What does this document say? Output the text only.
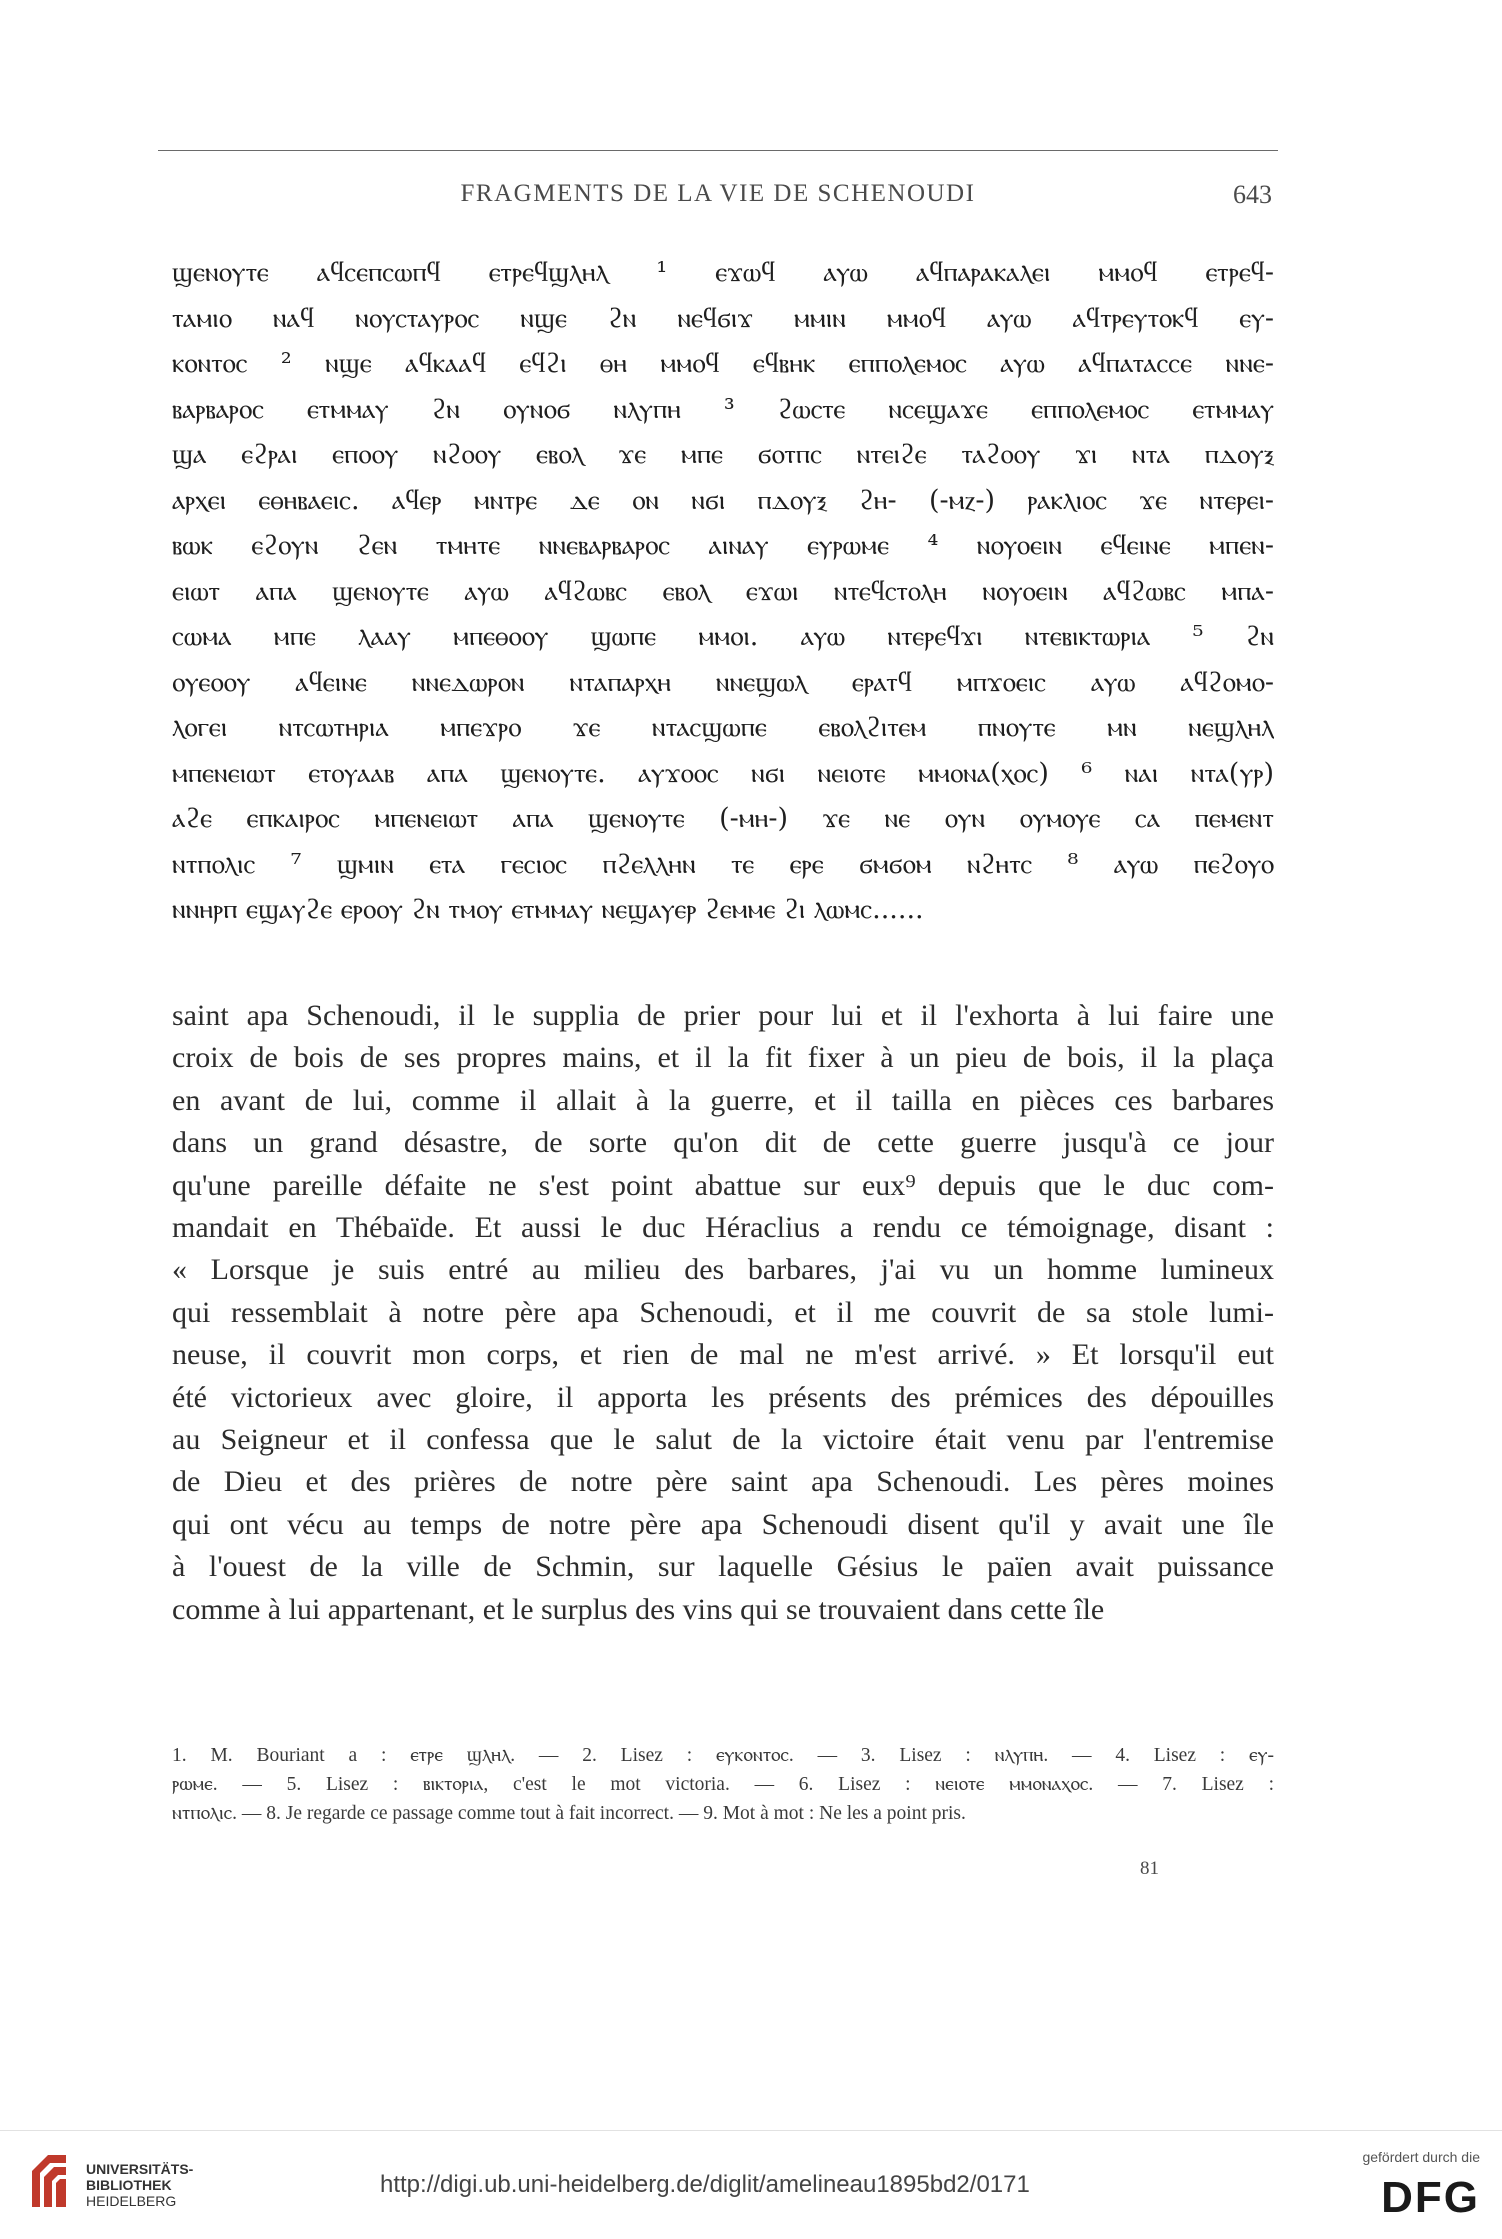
FRAGMENTS DE LA VIE DE SCHENOUDI	643
ϣⲉⲛⲟⲩⲧⲉ ⲁϥⲥⲉⲡⲥⲱⲡϥ ⲉⲧⲣⲉϥϣⲗⲏⲗ ¹ ⲉϫⲱϥ ⲁⲩⲱ ⲁϥⲡⲁⲣⲁⲕⲁⲗⲉⲓ ⲙⲙⲟϥ ⲉⲧⲣⲉϥ-
ⲧⲁⲙⲓⲟ ⲛⲁϥ ⲛⲟⲩⲥⲧⲁⲩⲣⲟⲥ ⲛϣⲉ ϩⲛ ⲛⲉϥϭⲓϫ ⲙⲙⲓⲛ ⲙⲙⲟϥ ⲁⲩⲱ ⲁϥⲧⲣⲉⲩⲧⲟⲕϥ ⲉⲩ-
ⲕⲟⲛⲧⲟⲥ ² ⲛϣⲉ ⲁϥⲕⲁⲁϥ ⲉϥϩⲓ ⲑⲏ ⲙⲙⲟϥ ⲉϥⲃⲏⲕ ⲉⲡⲡⲟⲗⲉⲙⲟⲥ ⲁⲩⲱ ⲁϥⲡⲁⲧⲁⲥⲥⲉ ⲛⲛⲉ-
ⲃⲁⲣⲃⲁⲣⲟⲥ ⲉⲧⲙⲙⲁⲩ ϩⲛ ⲟⲩⲛⲟϭ ⲛⲗⲩⲡⲏ ³ ϩⲱⲥⲧⲉ ⲛⲥⲉϣⲁϫⲉ ⲉⲡⲡⲟⲗⲉⲙⲟⲥ ⲉⲧⲙⲙⲁⲩ
ϣⲁ ⲉϩⲣⲁⲓ ⲉⲡⲟⲟⲩ ⲛϩⲟⲟⲩ ⲉⲃⲟⲗ ϫⲉ ⲙⲡⲉ ϭⲟⲧⲡⲥ ⲛⲧⲉⲓϩⲉ ⲧⲁϩⲟⲟⲩ ϫⲓ ⲛⲧⲁ ⲡⲇⲟⲩⲝ
ⲁⲣⲭⲉⲓ ⲉⲑⲏⲃⲁⲉⲓⲥ. ⲁϥⲉⲣ ⲙⲛⲧⲣⲉ ⲇⲉ ⲟⲛ ⲛϭⲓ ⲡⲇⲟⲩⲝ ϩⲏ- (-ⲙⲍ-) ⲣⲁⲕⲗⲓⲟⲥ ϫⲉ ⲛⲧⲉⲣⲉⲓ-
ⲃⲱⲕ ⲉϩⲟⲩⲛ ϩⲉⲛ ⲧⲙⲏⲧⲉ ⲛⲛⲉⲃⲁⲣⲃⲁⲣⲟⲥ ⲁⲓⲛⲁⲩ ⲉⲩⲣⲱⲙⲉ ⁴ ⲛⲟⲩⲟⲉⲓⲛ ⲉϥⲉⲓⲛⲉ ⲙⲡⲉⲛ-
ⲉⲓⲱⲧ ⲁⲡⲁ ϣⲉⲛⲟⲩⲧⲉ ⲁⲩⲱ ⲁϥϩⲱⲃⲥ ⲉⲃⲟⲗ ⲉϫⲱⲓ ⲛⲧⲉϥⲥⲧⲟⲗⲏ ⲛⲟⲩⲟⲉⲓⲛ ⲁϥϩⲱⲃⲥ ⲙⲡⲁ-
ⲥⲱⲙⲁ ⲙⲡⲉ ⲗⲁⲁⲩ ⲙⲡⲉⲑⲟⲟⲩ ϣⲱⲡⲉ ⲙⲙⲟⲓ. ⲁⲩⲱ ⲛⲧⲉⲣⲉϥϫⲓ ⲛⲧⲉⲃⲓⲕⲧⲱⲣⲓⲁ ⁵ ϩⲛ
ⲟⲩⲉⲟⲟⲩ ⲁϥⲉⲓⲛⲉ ⲛⲛⲉⲇⲱⲣⲟⲛ ⲛⲧⲁⲡⲁⲣⲭⲏ ⲛⲛⲉϣⲱⲗ ⲉⲣⲁⲧϥ ⲙⲡϫⲟⲉⲓⲥ ⲁⲩⲱ ⲁϥϩⲟⲙⲟ-
ⲗⲟⲅⲉⲓ ⲛⲧⲥⲱⲧⲏⲣⲓⲁ ⲙⲡⲉϫⲣⲟ ϫⲉ ⲛⲧⲁⲥϣⲱⲡⲉ ⲉⲃⲟⲗϩⲓⲧⲉⲙ ⲡⲛⲟⲩⲧⲉ ⲙⲛ ⲛⲉϣⲗⲏⲗ
ⲙⲡⲉⲛⲉⲓⲱⲧ ⲉⲧⲟⲩⲁⲁⲃ ⲁⲡⲁ ϣⲉⲛⲟⲩⲧⲉ. ⲁⲩϫⲟⲟⲥ ⲛϭⲓ ⲛⲉⲓⲟⲧⲉ ⲙⲙⲟⲛⲁ(ⲭⲟⲥ) ⁶ ⲛⲁⲓ ⲛⲧⲁ(ⲩⲣ)
ⲁϩⲉ ⲉⲡⲕⲁⲓⲣⲟⲥ ⲙⲡⲉⲛⲉⲓⲱⲧ ⲁⲡⲁ ϣⲉⲛⲟⲩⲧⲉ (-ⲙⲏ-) ϫⲉ ⲛⲉ ⲟⲩⲛ ⲟⲩⲙⲟⲩⲉ ⲥⲁ ⲡⲉⲙⲉⲛⲧ
ⲛⲧⲡⲟⲗⲓⲥ ⁷ ϣⲙⲓⲛ ⲉⲧⲁ ⲅⲉⲥⲓⲟⲥ ⲡϩⲉⲗⲗⲏⲛ ⲧⲉ ⲉⲣⲉ ϭⲙϭⲟⲙ ⲛϩⲏⲧⲥ ⁸ ⲁⲩⲱ ⲡⲉϩⲟⲩⲟ
ⲛⲛⲏⲣⲡ ⲉϣⲁⲩϩⲉ ⲉⲣⲟⲟⲩ ϩⲛ ⲧⲙⲟⲩ ⲉⲧⲙⲙⲁⲩ ⲛⲉϣⲁⲩⲉⲣ ϩⲉⲙⲙⲉ ϩⲓ ⲗⲱⲙⲥ......
saint apa Schenoudi, il le supplia de prier pour lui et il l'exhorta à lui faire une
croix de bois de ses propres mains, et il la fit fixer à un pieu de bois, il la plaça
en avant de lui, comme il allait à la guerre, et il tailla en pièces ces barbares
dans un grand désastre, de sorte qu'on dit de cette guerre jusqu'à ce jour
qu'une pareille défaite ne s'est point abattue sur eux⁹ depuis que le duc com-
mandait en Thébaïde. Et aussi le duc Héraclius a rendu ce témoignage, disant :
« Lorsque je suis entré au milieu des barbares, j'ai vu un homme lumineux
qui ressemblait à notre père apa Schenoudi, et il me couvrit de sa stole lumi-
neuse, il couvrit mon corps, et rien de mal ne m'est arrivé. » Et lorsqu'il eut
été victorieux avec gloire, il apporta les présents des prémices des dépouilles
au Seigneur et il confessa que le salut de la victoire était venu par l'entremise
de Dieu et des prières de notre père saint apa Schenoudi. Les pères moines
qui ont vécu au temps de notre père apa Schenoudi disent qu'il y avait une île
à l'ouest de la ville de Schmin, sur laquelle Gésius le païen avait puissance
comme à lui appartenant, et le surplus des vins qui se trouvaient dans cette île
1. M. Bouriant a : ⲉⲧⲣⲉ ϣⲗⲏⲗ. — 2. Lisez : ⲉⲩⲕⲟⲛⲧⲟⲥ. — 3. Lisez : ⲛⲗⲩⲡⲏ. — 4. Lisez : ⲉⲩ-
ⲣⲱⲙⲉ. — 5. Lisez : ⲃⲓⲕⲧⲟⲣⲓⲁ, c'est le mot victoria. — 6. Lisez : ⲛⲉⲓⲟⲧⲉ ⲙⲙⲟⲛⲁⲭⲟⲥ. — 7. Lisez :
ⲛⲧⲡⲟⲗⲓⲥ. — 8. Je regarde ce passage comme tout à fait incorrect. — 9. Mot à mot : Ne les a point pris.
81
UNIVERSITÄTS-
BIBLIOTHEK
HEIDELBERG
http://digi.ub.uni-heidelberg.de/diglit/amelineau1895bd2/0171
gefördert durch die
DFG
